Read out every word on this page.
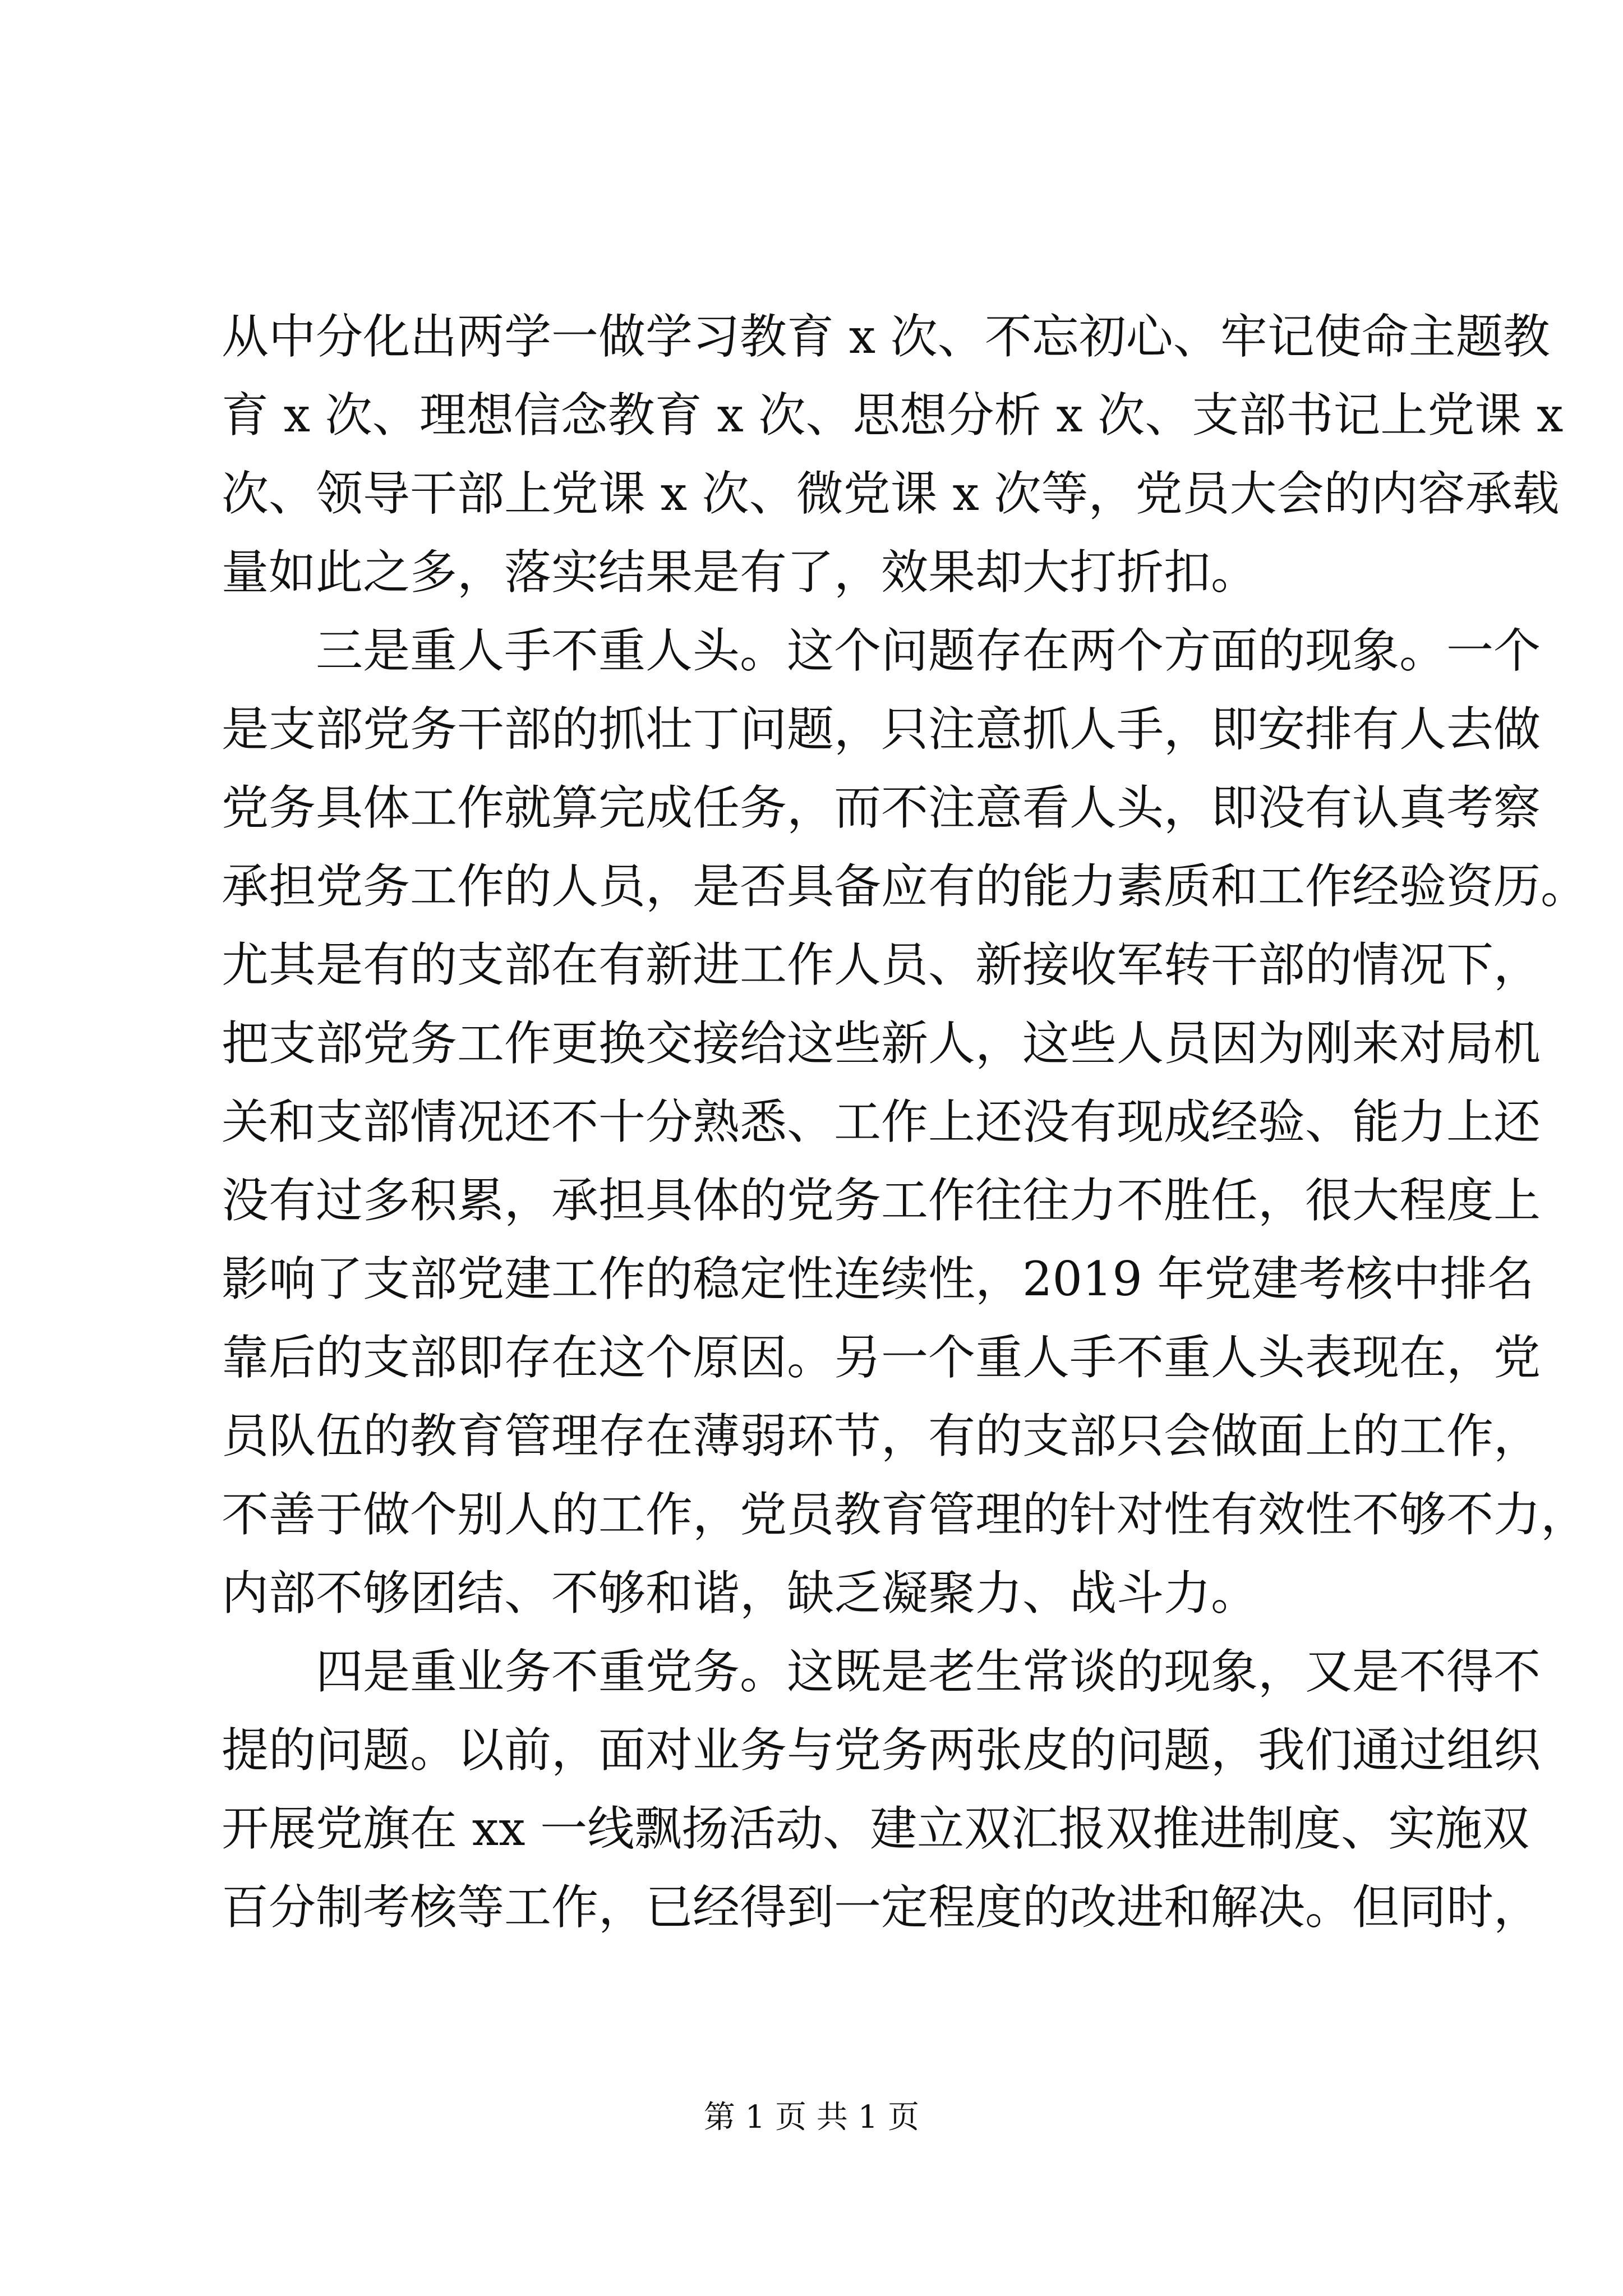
从中分化出两学一做学习教育 x 次、不忘初心、牢记使命主题教
育 x 次、理想信念教育 x 次、思想分析 x 次、支部书记上党课 x
次、领导干部上党课 x 次、微党课 x 次等，党员大会的内容承载
量如此之多，落实结果是有了，效果却大打折扣。
三是重人手不重人头。这个问题存在两个方面的现象。一个
是支部党务干部的抓壮丁问题，只注意抓人手，即安排有人去做
党务具体工作就算完成任务，而不注意看人头，即没有认真考察
承担党务工作的人员，是否具备应有的能力素质和工作经验资历。
尤其是有的支部在有新进工作人员、新接收军转干部的情况下，
把支部党务工作更换交接给这些新人，这些人员因为刚来对局机
关和支部情况还不十分熟悉、工作上还没有现成经验、能力上还
没有过多积累，承担具体的党务工作往往力不胜任，很大程度上
影响了支部党建工作的稳定性连续性，2019 年党建考核中排名
靠后的支部即存在这个原因。另一个重人手不重人头表现在，党
员队伍的教育管理存在薄弱环节，有的支部只会做面上的工作，
不善于做个别人的工作，党员教育管理的针对性有效性不够不力，
内部不够团结、不够和谐，缺乏凝聚力、战斗力。
四是重业务不重党务。这既是老生常谈的现象，又是不得不
提的问题。以前，面对业务与党务两张皮的问题，我们通过组织
开展党旗在 xx 一线飘扬活动、建立双汇报双推进制度、实施双
百分制考核等工作，已经得到一定程度的改进和解决。但同时，
第 1 页 共 1 页
